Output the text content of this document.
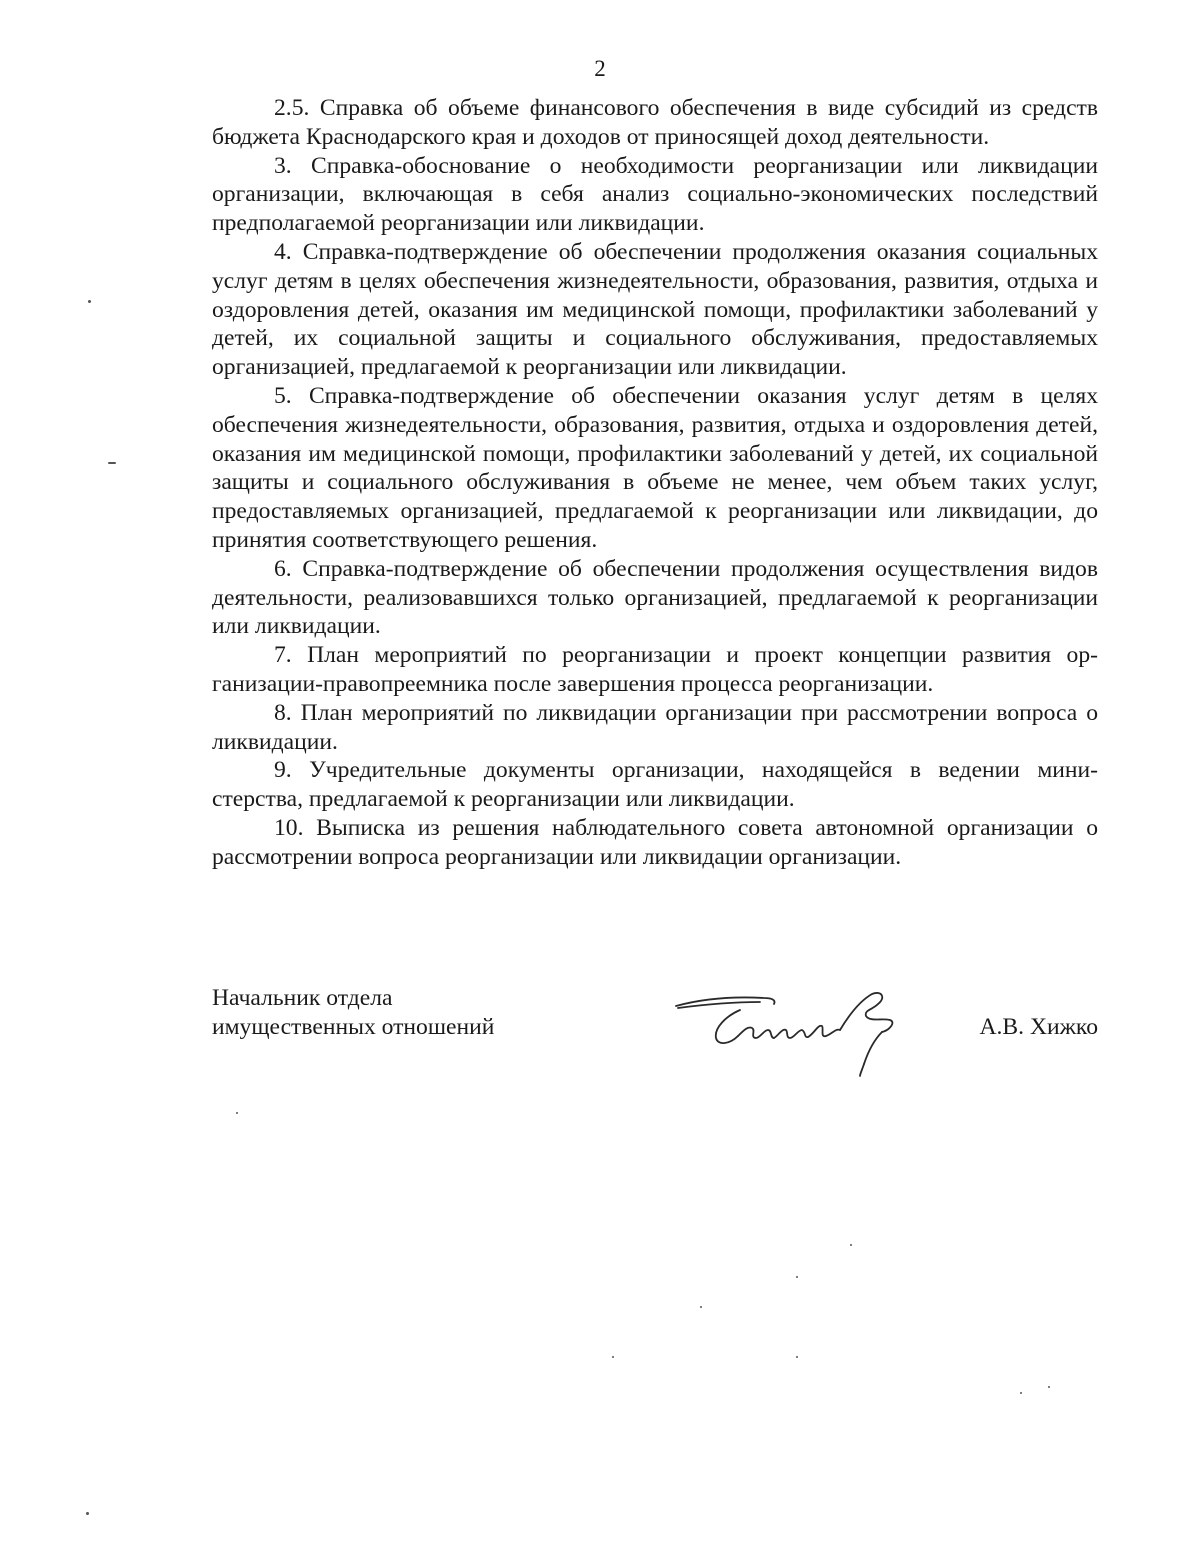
2

2.5. Справка об объеме финансового обеспечения в виде субсидий из средств бюджета Краснодарского края и доходов от приносящей доход деятельности.

3. Справка-обоснование о необходимости реорганизации или ликвидации организации, включающая в себя анализ социально-экономических последствий предполагаемой реорганизации или ликвидации.

4. Справка-подтверждение об обеспечении продолжения оказания социальных услуг детям в целях обеспечения жизнедеятельности, образования, развития, отдыха и оздоровления детей, оказания им медицинской помощи, профилактики заболеваний у детей, их социальной защиты и социального обслуживания, предоставляемых организацией, предлагаемой к реорганизации или ликвидации.

5. Справка-подтверждение об обеспечении оказания услуг детям в целях обеспечения жизнедеятельности, образования, развития, отдыха и оздоровления детей, оказания им медицинской помощи, профилактики заболеваний у детей, их социальной защиты и социального обслуживания в объеме не менее, чем объем таких услуг, предоставляемых организацией, предлагаемой к реорганизации или ликвидации, до принятия соответствующего решения.

6. Справка-подтверждение об обеспечении продолжения осуществления видов деятельности, реализовавшихся только организацией, предлагаемой к реорганизации или ликвидации.

7. План мероприятий по реорганизации и проект концепции развития организации-правопреемника после завершения процесса реорганизации.

8. План мероприятий по ликвидации организации при рассмотрении вопроса о ликвидации.

9. Учредительные документы организации, находящейся в ведении министерства, предлагаемой к реорганизации или ликвидации.

10. Выписка из решения наблюдательного совета автономной организации о рассмотрении вопроса реорганизации или ликвидации организации.

Начальник отдела
имущественных отношений	А.В. Хижко
